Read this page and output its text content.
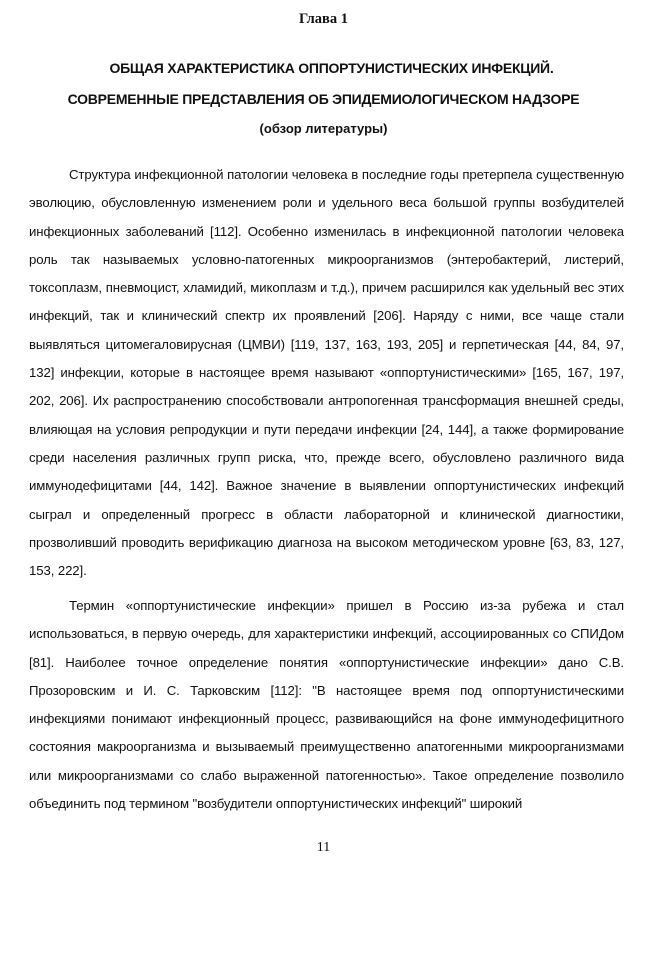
Глава 1

ОБЩАЯ ХАРАКТЕРИСТИКА ОППОРТУНИСТИЧЕСКИХ ИНФЕКЦИЙ.

СОВРЕМЕННЫЕ ПРЕДСТАВЛЕНИЯ ОБ ЭПИДЕМИОЛОГИЧЕСКОМ НАДЗОРЕ

(обзор литературы)

Структура инфекционной патологии человека в последние годы претерпела существенную эволюцию, обусловленную изменением роли и удельного веса большой группы возбудителей инфекционных заболеваний [112]. Особенно изменилась в инфекционной патологии человека роль так называемых условно-патогенных микроорганизмов (энтеробактерий, листерий, токсоплазм, пневмоцист, хламидий, микоплазм и т.д.), причем расширился как удельный вес этих инфекций, так и клинический спектр их проявлений [206]. Наряду с ними, все чаще стали выявляться цитомегаловирусная (ЦМВИ) [119, 137, 163, 193, 205] и герпетическая [44, 84, 97, 132] инфекции, которые в настоящее время называют «оппортунистическими» [165, 167, 197, 202, 206]. Их распространению способствовали антропогенная трансформация внешней среды, влияющая на условия репродукции и пути передачи инфекции [24, 144], а также формирование среди населения различных групп риска, что, прежде всего, обусловлено различного вида иммунодефицитами [44, 142]. Важное значение в выявлении оппортунистических инфекций сыграл и определенный прогресс в области лабораторной и клинической диагностики, прозволивший проводить верификацию диагноза на высоком методическом уровне [63, 83, 127, 153, 222].

Термин «оппортунистические инфекции» пришел в Россию из-за рубежа и стал использоваться, в первую очередь, для характеристики инфекций, ассоциированных со СПИДом [81]. Наиболее точное определение понятия «оппортунистические инфекции» дано С.В. Прозоровским и И. С. Тарковским [112]: "В настоящее время под оппортунистическими инфекциями понимают инфекционный процесс, развивающийся на фоне иммунодефицитного состояния макроорганизма и вызываемый преимущественно апатогенными микроорганизмами или микроорганизмами со слабо выраженной патогенностью». Такое определение позволило объединить под термином "возбудители оппортунистических инфекций" широкий

11
